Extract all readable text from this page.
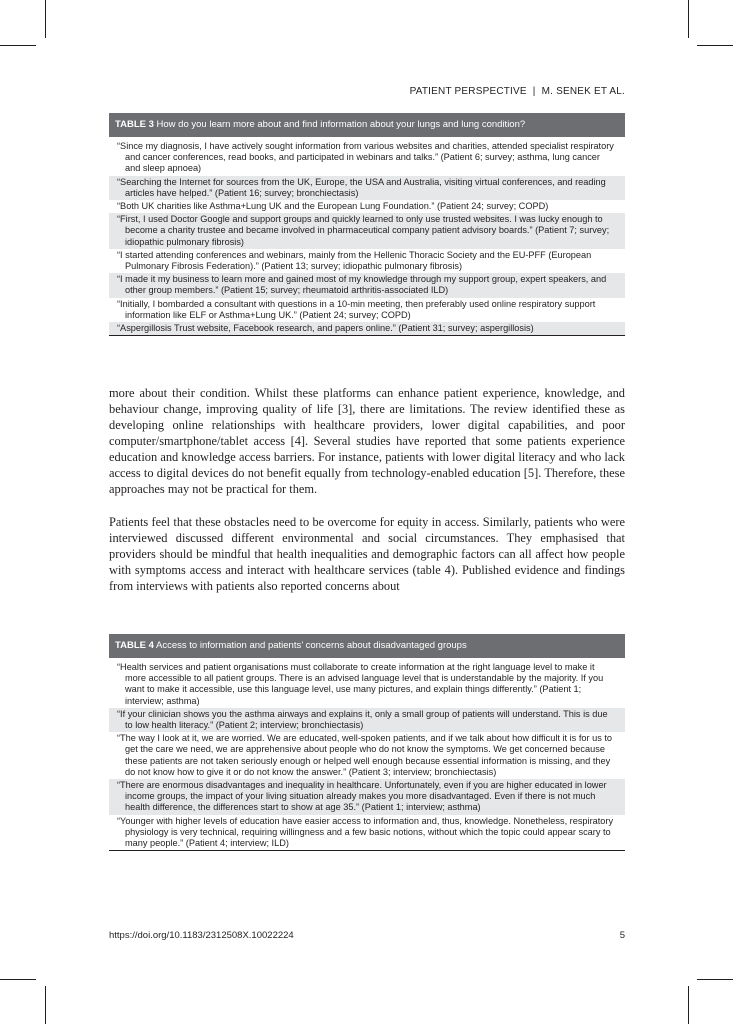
PATIENT PERSPECTIVE | M. SENEK ET AL.
TABLE 3 How do you learn more about and find information about your lungs and lung condition?
“Since my diagnosis, I have actively sought information from various websites and charities, attended specialist respiratory and cancer conferences, read books, and participated in webinars and talks.” (Patient 6; survey; asthma, lung cancer and sleep apnoea)
“Searching the Internet for sources from the UK, Europe, the USA and Australia, visiting virtual conferences, and reading articles have helped.” (Patient 16; survey; bronchiectasis)
“Both UK charities like Asthma+Lung UK and the European Lung Foundation.” (Patient 24; survey; COPD)
“First, I used Doctor Google and support groups and quickly learned to only use trusted websites. I was lucky enough to become a charity trustee and became involved in pharmaceutical company patient advisory boards.” (Patient 7; survey; idiopathic pulmonary fibrosis)
“I started attending conferences and webinars, mainly from the Hellenic Thoracic Society and the EU-PFF (European Pulmonary Fibrosis Federation).” (Patient 13; survey; idiopathic pulmonary fibrosis)
“I made it my business to learn more and gained most of my knowledge through my support group, expert speakers, and other group members.” (Patient 15; survey; rheumatoid arthritis-associated ILD)
“Initially, I bombarded a consultant with questions in a 10-min meeting, then preferably used online respiratory support information like ELF or Asthma+Lung UK.” (Patient 24; survey; COPD)
“Aspergillosis Trust website, Facebook research, and papers online.” (Patient 31; survey; aspergillosis)

more about their condition. Whilst these platforms can enhance patient experience, knowledge, and behaviour change, improving quality of life [3], there are limitations. The review identified these as developing online relationships with healthcare providers, lower digital capabilities, and poor computer/smartphone/tablet access [4]. Several studies have reported that some patients experience education and knowledge access barriers. For instance, patients with lower digital literacy and who lack access to digital devices do not benefit equally from technology-enabled education [5]. Therefore, these approaches may not be practical for them.

Patients feel that these obstacles need to be overcome for equity in access. Similarly, patients who were interviewed discussed different environmental and social circumstances. They emphasised that providers should be mindful that health inequalities and demographic factors can all affect how people with symptoms access and interact with healthcare services (table 4). Published evidence and findings from interviews with patients also reported concerns about

TABLE 4 Access to information and patients’ concerns about disadvantaged groups
“Health services and patient organisations must collaborate to create information at the right language level to make it more accessible to all patient groups. There is an advised language level that is understandable by the majority. If you want to make it accessible, use this language level, use many pictures, and explain things differently.” (Patient 1; interview; asthma)
“If your clinician shows you the asthma airways and explains it, only a small group of patients will understand. This is due to low health literacy.” (Patient 2; interview; bronchiectasis)
“The way I look at it, we are worried. We are educated, well-spoken patients, and if we talk about how difficult it is for us to get the care we need, we are apprehensive about people who do not know the symptoms. We get concerned because these patients are not taken seriously enough or helped well enough because essential information is missing, and they do not know how to give it or do not know the answer.” (Patient 3; interview; bronchiectasis)
“There are enormous disadvantages and inequality in healthcare. Unfortunately, even if you are higher educated in lower income groups, the impact of your living situation already makes you more disadvantaged. Even if there is not much health difference, the differences start to show at age 35.” (Patient 1; interview; asthma)
“Younger with higher levels of education have easier access to information and, thus, knowledge. Nonetheless, respiratory physiology is very technical, requiring willingness and a few basic notions, without which the topic could appear scary to many people.” (Patient 4; interview; ILD)
https://doi.org/10.1183/2312508X.10022224	5
